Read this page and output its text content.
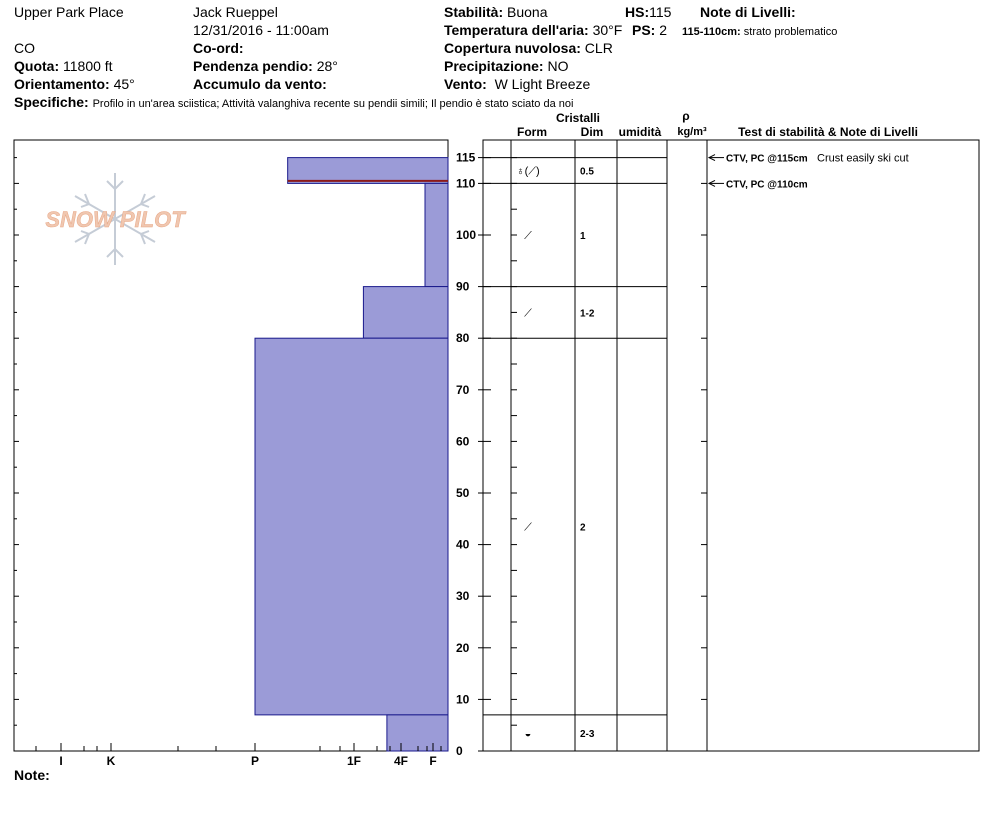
Upper Park Place
CO
Quota: 11800 ft
Orientamento: 45°
Jack Rueppel
12/31/2016 - 11:00am
Co-ord:
Pendenza pendio: 28°
Accumulo da vento:
Stabilità: Buona
Temperatura dell'aria: 30°F
Copertura nuvolosa: CLR
Precipitazione: NO
Vento: W Light Breeze
HS:115
PS: 2
Note di Livelli:
115-110cm: strato problematico
Specifiche: Profilo in un'area sciistica; Attività valanghiva recente su pendii simili; Il pendio è stato sciato da noi
Note:
SNOW PILOT
I	K	P	1F	4F F
0
10
20
30
40
50
60
70
80
90
100
110
115
♁(⟋)	0.5
⟋	1
⟋	1-2
⟋	2
◒	2-3
CTV, PC @115cm Crust easily ski cut
CTV, PC @110cm
Cristalli
Form	Dim umidità
ρ
kg/m³	Test di stabilità & Note di Livelli
